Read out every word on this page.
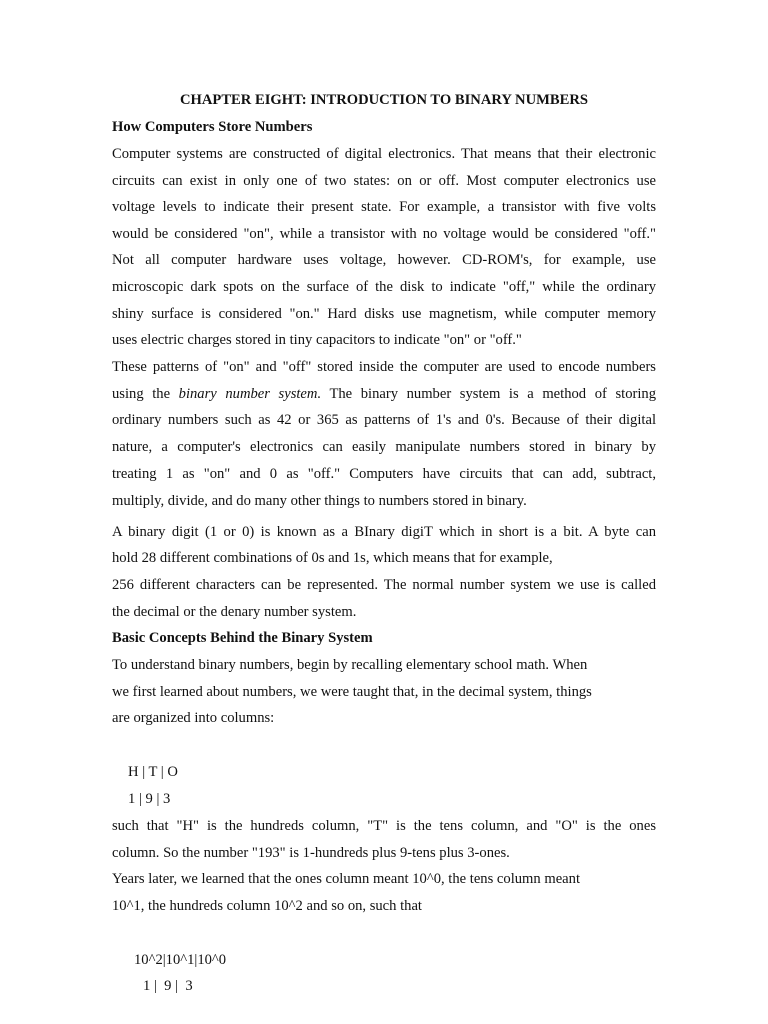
CHAPTER EIGHT: INTRODUCTION TO BINARY NUMBERS
How Computers Store Numbers
Computer systems are constructed of digital electronics. That means that their electronic
circuits can exist in only one of two states: on or off. Most computer electronics use
voltage levels to indicate their present state. For example, a transistor with five volts
would be considered "on", while a transistor with no voltage would be considered "off."
Not all computer hardware uses voltage, however. CD-ROM's, for example, use
microscopic dark spots on the surface of the disk to indicate "off," while the ordinary
shiny surface is considered "on." Hard disks use magnetism, while computer memory
uses electric charges stored in tiny capacitors to indicate "on" or "off."
These patterns of "on" and "off" stored inside the computer are used to encode numbers
using the binary number system. The binary number system is a method of storing
ordinary numbers such as 42 or 365 as patterns of 1's and 0's. Because of their digital
nature, a computer's electronics can easily manipulate numbers stored in binary by
treating 1 as "on" and 0 as "off." Computers have circuits that can add, subtract,
multiply, divide, and do many other things to numbers stored in binary.
A binary digit (1 or 0) is known as a BInary digiT which in short is a bit. A byte can
hold 28 different combinations of 0s and 1s, which means that for example,
256 different characters can be represented. The normal number system we use is called
the decimal or the denary number system.
Basic Concepts Behind the Binary System
To understand binary numbers, begin by recalling elementary school math. When
we first learned about numbers, we were taught that, in the decimal system, things
are organized into columns:
H | T | O
1 | 9 | 3
such that "H" is the hundreds column, "T" is the tens column, and "O" is the ones
column. So the number "193" is 1-hundreds plus 9-tens plus 3-ones.
Years later, we learned that the ones column meant 10^0, the tens column meant
10^1, the hundreds column 10^2 and so on, such that
10^2|10^1|10^0
1 |  9 |  3
